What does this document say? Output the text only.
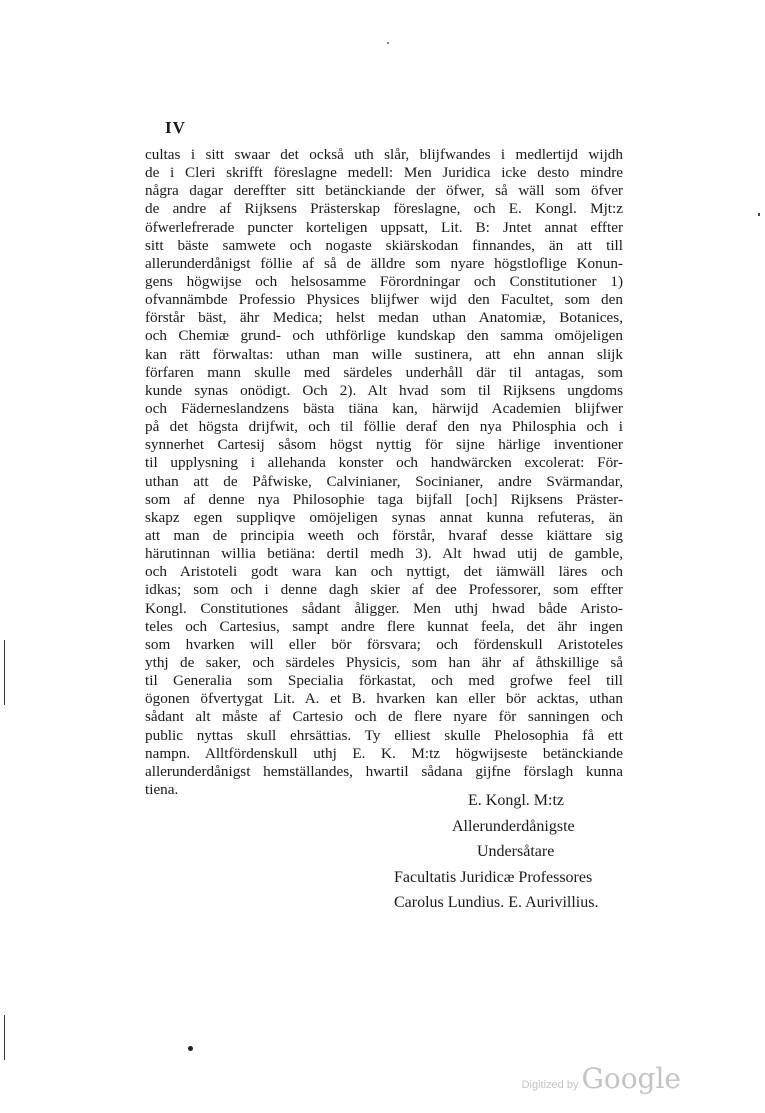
IV
cultas i sitt swaar det också uth slår, blijfwandes i medlertijd wijdh
de i Cleri skrifft föreslagne medell: Men Juridica icke desto mindre
några dagar dereffter sitt betänckiande der öfwer, så wäll som öfver
de andre af Rijksens Prästerskap föreslagne, och E. Kongl. Mjt:z
öfwerlefrerade puncter korteligen uppsatt, Lit. B: Jntet annat effter
sitt bäste samwete och nogaste skiärskodan finnandes, än att till
allerunderdånigst föllie af så de älldre som nyare högstloflige Konun-
gens högwijse och helsosamme Förordningar och Constitutioner 1)
ofvannämbde Professio Physices blijfwer wijd den Facultet, som den
förstår bäst, ähr Medica; helst medan uthan Anatomiæ, Botanices,
och Chemiæ grund- och uthförlige kundskap den samma omöjeligen
kan rätt förwaltas: uthan man wille sustinera, att ehn annan slijk
förfaren mann skulle med särdeles underhåll där til antagas, som
kunde synas onödigt. Och 2). Alt hvad som til Rijksens ungdoms
och Fäderneslandzens bästa tiäna kan, härwijd Academien blijfwer
på det högsta drijfwit, och til föllie deraf den nya Philosphia och i
synnerhet Cartesij såsom högst nyttig för sijne härlige inventioner
til upplysning i allehanda konster och handwärcken excolerat: För-
uthan att de Påfwiske, Calvinianer, Socinianer, andre Svärmandar,
som af denne nya Philosophie taga bijfall [och] Rijksens Präster-
skapz egen suppliqve omöjeligen synas annat kunna refuteras, än
att man de principia weeth och förstår, hvaraf desse kiättare sig
härutinnan willia betiäna: dertil medh 3). Alt hwad utij de gamble,
och Aristoteli godt wara kan och nyttigt, det iämwäll läres och
idkas; som och i denne dagh skier af dee Professorer, som effter
Kongl. Constitutiones sådant åligger. Men uthj hwad både Aristo-
teles och Cartesius, sampt andre flere kunnat feela, det ähr ingen
som hvarken will eller bör försvara; och fördenskull Aristoteles
ythj de saker, och särdeles Physicis, som han ähr af åthskillige så
til Generalia som Specialia förkastat, och med grofwe feel till
ögonen öfvertygat Lit. A. et B. hvarken kan eller bör acktas, uthan
sådant alt måste af Cartesio och de flere nyare för sanningen och
public nyttas skull ehrsättias. Ty elliest skulle Phelosophia få ett
nampn. Alltfördenskull uthj E. K. M:tz högwijseste betänckiande
allerunderdånigst hemställandes, hwartil sådana gijfne förslagh kunna
tiena.
E. Kongl. M:tz
Allerunderdånigste
Undersåtare
Facultatis Juridicæ Professores
Carolus Lundius. E. Aurivillius.
Digitized by Google
